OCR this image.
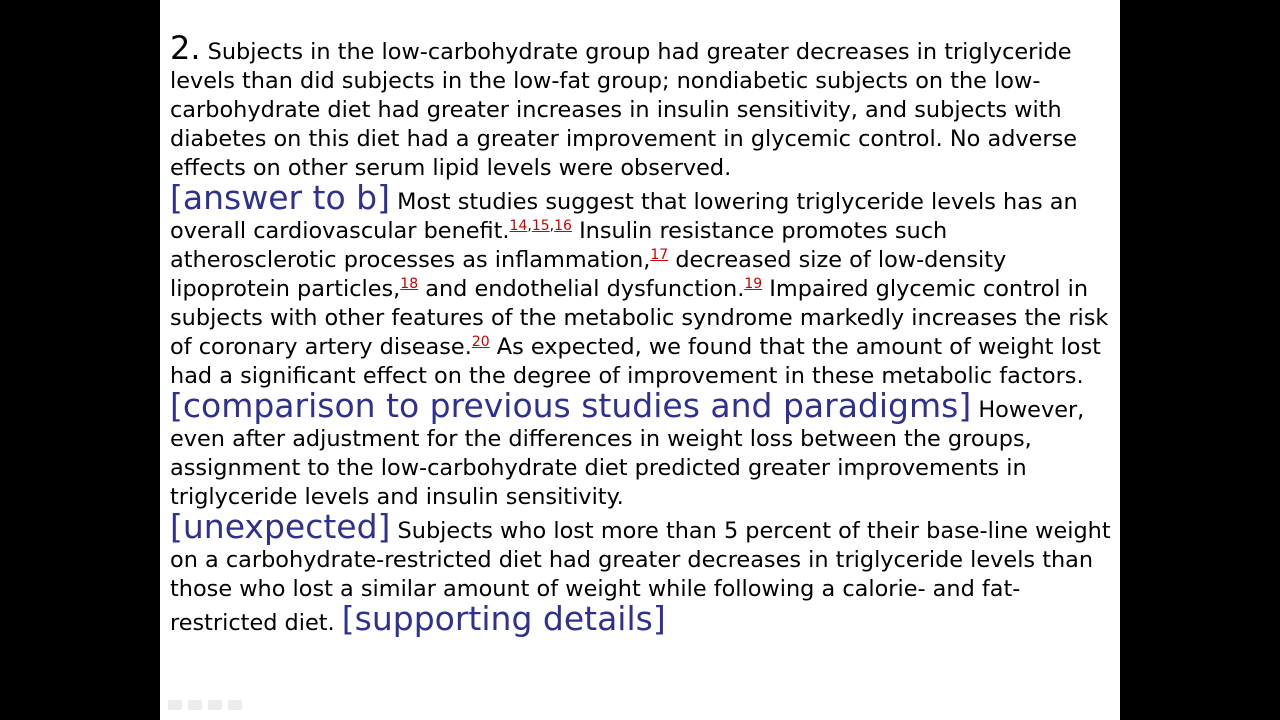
2. Subjects in the low-carbohydrate group had greater decreases in triglyceride levels than did subjects in the low-fat group; nondiabetic subjects on the low-carbohydrate diet had greater increases in insulin sensitivity, and subjects with diabetes on this diet had a greater improvement in glycemic control. No adverse effects on other serum lipid levels were observed.

[answer to b] Most studies suggest that lowering triglyceride levels has an overall cardiovascular benefit.$^{14,15,16}$ Insulin resistance promotes such atherosclerotic processes as inflammation,$^{17}$ decreased size of low-density lipoprotein particles,$^{18}$ and endothelial dysfunction.$^{19}$ Impaired glycemic control in subjects with other features of the metabolic syndrome markedly increases the risk of coronary artery disease.$^{20}$ As expected, we found that the amount of weight lost had a significant effect on the degree of improvement in these metabolic factors. [comparison to previous studies and paradigms] However, even after adjustment for the differences in weight loss between the groups, assignment to the low-carbohydrate diet predicted greater improvements in triglyceride levels and insulin sensitivity.

[unexpected] Subjects who lost more than 5 percent of their base-line weight on a carbohydrate-restricted diet had greater decreases in triglyceride levels than those who lost a similar amount of weight while following a calorie- and fat-restricted diet. [supporting details]
